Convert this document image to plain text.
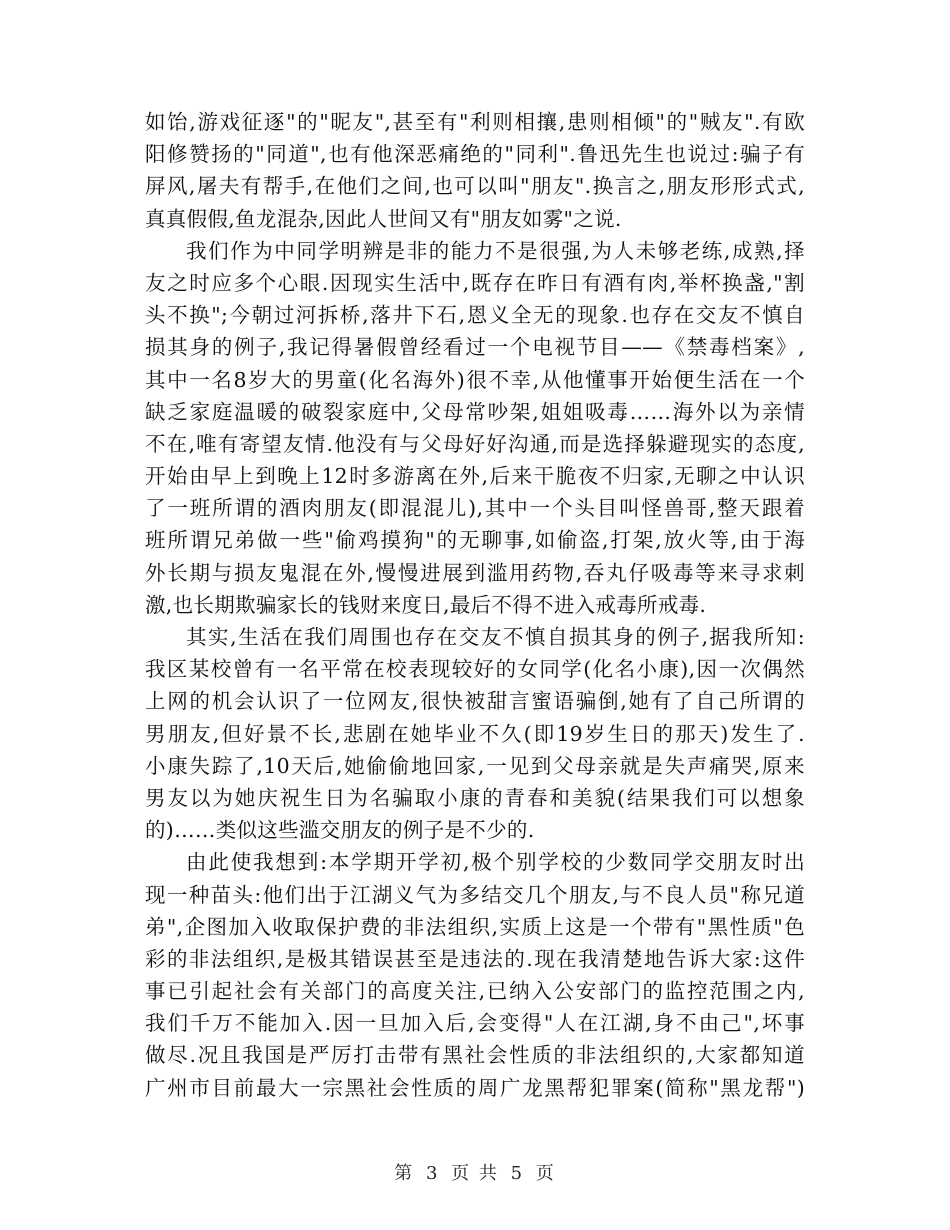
如饴,游戏征逐"的"昵友",甚至有"利则相攘,患则相倾"的"贼友".有欧
阳修赞扬的"同道",也有他深恶痛绝的"同利".鲁迅先生也说过:骗子有
屏风,屠夫有帮手,在他们之间,也可以叫"朋友".换言之,朋友形形式式,
真真假假,鱼龙混杂,因此人世间又有"朋友如雾"之说.
我们作为中同学明辨是非的能力不是很强,为人未够老练,成熟,择
友之时应多个心眼.因现实生活中,既存在昨日有酒有肉,举杯换盏,"割
头不换";今朝过河拆桥,落井下石,恩义全无的现象.也存在交友不慎自
损其身的例子,我记得暑假曾经看过一个电视节目——《禁毒档案》,
其中一名8岁大的男童(化名海外)很不幸,从他懂事开始便生活在一个
缺乏家庭温暖的破裂家庭中,父母常吵架,姐姐吸毒……海外以为亲情
不在,唯有寄望友情.他没有与父母好好沟通,而是选择躲避现实的态度,
开始由早上到晚上12时多游离在外,后来干脆夜不归家,无聊之中认识
了一班所谓的酒肉朋友(即混混儿),其中一个头目叫怪兽哥,整天跟着
班所谓兄弟做一些"偷鸡摸狗"的无聊事,如偷盗,打架,放火等,由于海
外长期与损友鬼混在外,慢慢进展到滥用药物,吞丸仔吸毒等来寻求刺
激,也长期欺骗家长的钱财来度日,最后不得不进入戒毒所戒毒.
其实,生活在我们周围也存在交友不慎自损其身的例子,据我所知:
我区某校曾有一名平常在校表现较好的女同学(化名小康),因一次偶然
上网的机会认识了一位网友,很快被甜言蜜语骗倒,她有了自己所谓的
男朋友,但好景不长,悲剧在她毕业不久(即19岁生日的那天)发生了.
小康失踪了,10天后,她偷偷地回家,一见到父母亲就是失声痛哭,原来
男友以为她庆祝生日为名骗取小康的青春和美貌(结果我们可以想象
的)……类似这些滥交朋友的例子是不少的.
由此使我想到:本学期开学初,极个别学校的少数同学交朋友时出
现一种苗头:他们出于江湖义气为多结交几个朋友,与不良人员"称兄道
弟",企图加入收取保护费的非法组织,实质上这是一个带有"黑性质"色
彩的非法组织,是极其错误甚至是违法的.现在我清楚地告诉大家:这件
事已引起社会有关部门的高度关注,已纳入公安部门的监控范围之内,
我们千万不能加入.因一旦加入后,会变得"人在江湖,身不由己",坏事
做尽.况且我国是严厉打击带有黑社会性质的非法组织的,大家都知道
广州市目前最大一宗黑社会性质的周广龙黑帮犯罪案(简称"黑龙帮")
第 3 页 共 5 页
